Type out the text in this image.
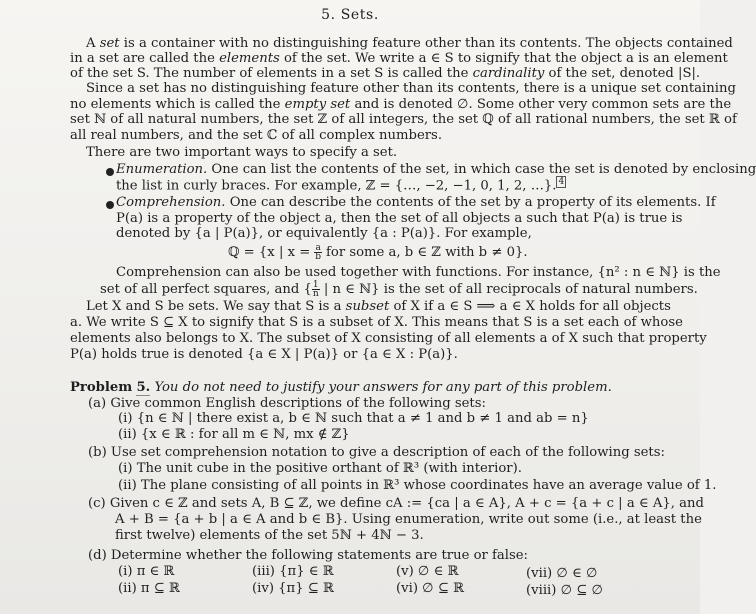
5. Sets.
A set is a container with no distinguishing feature other than its contents. The objects contained
in a set are called the elements of the set. We write a ∈ S to signify that the object a is an element
of the set S. The number of elements in a set S is called the cardinality of the set, denoted |S|.
Since a set has no distinguishing feature other than its contents, there is a unique set containing
no elements which is called the empty set and is denoted ∅. Some other very common sets are the
set ℕ of all natural numbers, the set ℤ of all integers, the set ℚ of all rational numbers, the set ℝ of
all real numbers, and the set ℂ of all complex numbers.
There are two important ways to specify a set.
Enumeration. One can list the contents of the set, in which case the set is denoted by enclosing
the list in curly braces. For example, ℤ = {…, −2, −1, 0, 1, 2, …}. $^4$
Comprehension. One can describe the contents of the set by a property of its elements. If
P(a) is a property of the object a, then the set of all objects a such that P(a) is true is
denoted by {a | P(a)}, or equivalently {a : P(a)}. For example,
ℚ = {x | $x = \frac{a}{b}$ for some a, b ∈ ℤ with b ≠ 0}.
Comprehension can also be used together with functions. For instance, {n² : n ∈ ℕ} is the
set of all perfect squares, and { $\frac{1}{n}$ | n ∈ ℕ} is the set of all reciprocals of natural numbers.
Let X and S be sets. We say that S is a subset of X if a ∈ S ⟹ a ∈ X holds for all objects
a. We write S ⊆ X to signify that S is a subset of X. This means that S is a set each of whose
elements also belongs to X. The subset of X consisting of all elements a of X such that property
P(a) holds true is denoted {a ∈ X | P(a)} or {a ∈ X : P(a)}.
Problem 5. You do not need to justify your answers for any part of this problem.
(a) Give common English descriptions of the following sets:
(i) {n ∈ ℕ | there exist a, b ∈ ℕ such that a ≠ 1 and b ≠ 1 and ab = n}
(ii) {x ∈ ℝ : for all m ∈ ℕ, mx ∉ ℤ}
(b) Use set comprehension notation to give a description of each of the following sets:
(i) The unit cube in the positive orthant of ℝ³ (with interior).
(ii) The plane consisting of all points in ℝ³ whose coordinates have an average value of 1.
(c) Given c ∈ ℤ and sets A, B ⊆ ℤ, we define cA := {ca | a ∈ A}, A + c = {a + c | a ∈ A}, and
A + B = {a + b | a ∈ A and b ∈ B}. Using enumeration, write out some (i.e., at least the
first twelve) elements of the set 5ℕ + 4ℕ − 3.
(d) Determine whether the following statements are true or false:
(i) π ∈ ℝ	(iii) {π} ∈ ℝ	(v) ∅ ∈ ℝ	(vii) ∅ ∈ ∅
(ii) π ⊆ ℝ	(iv) {π} ⊆ ℝ	(vi) ∅ ⊆ ℝ	(viii) ∅ ⊆ ∅
